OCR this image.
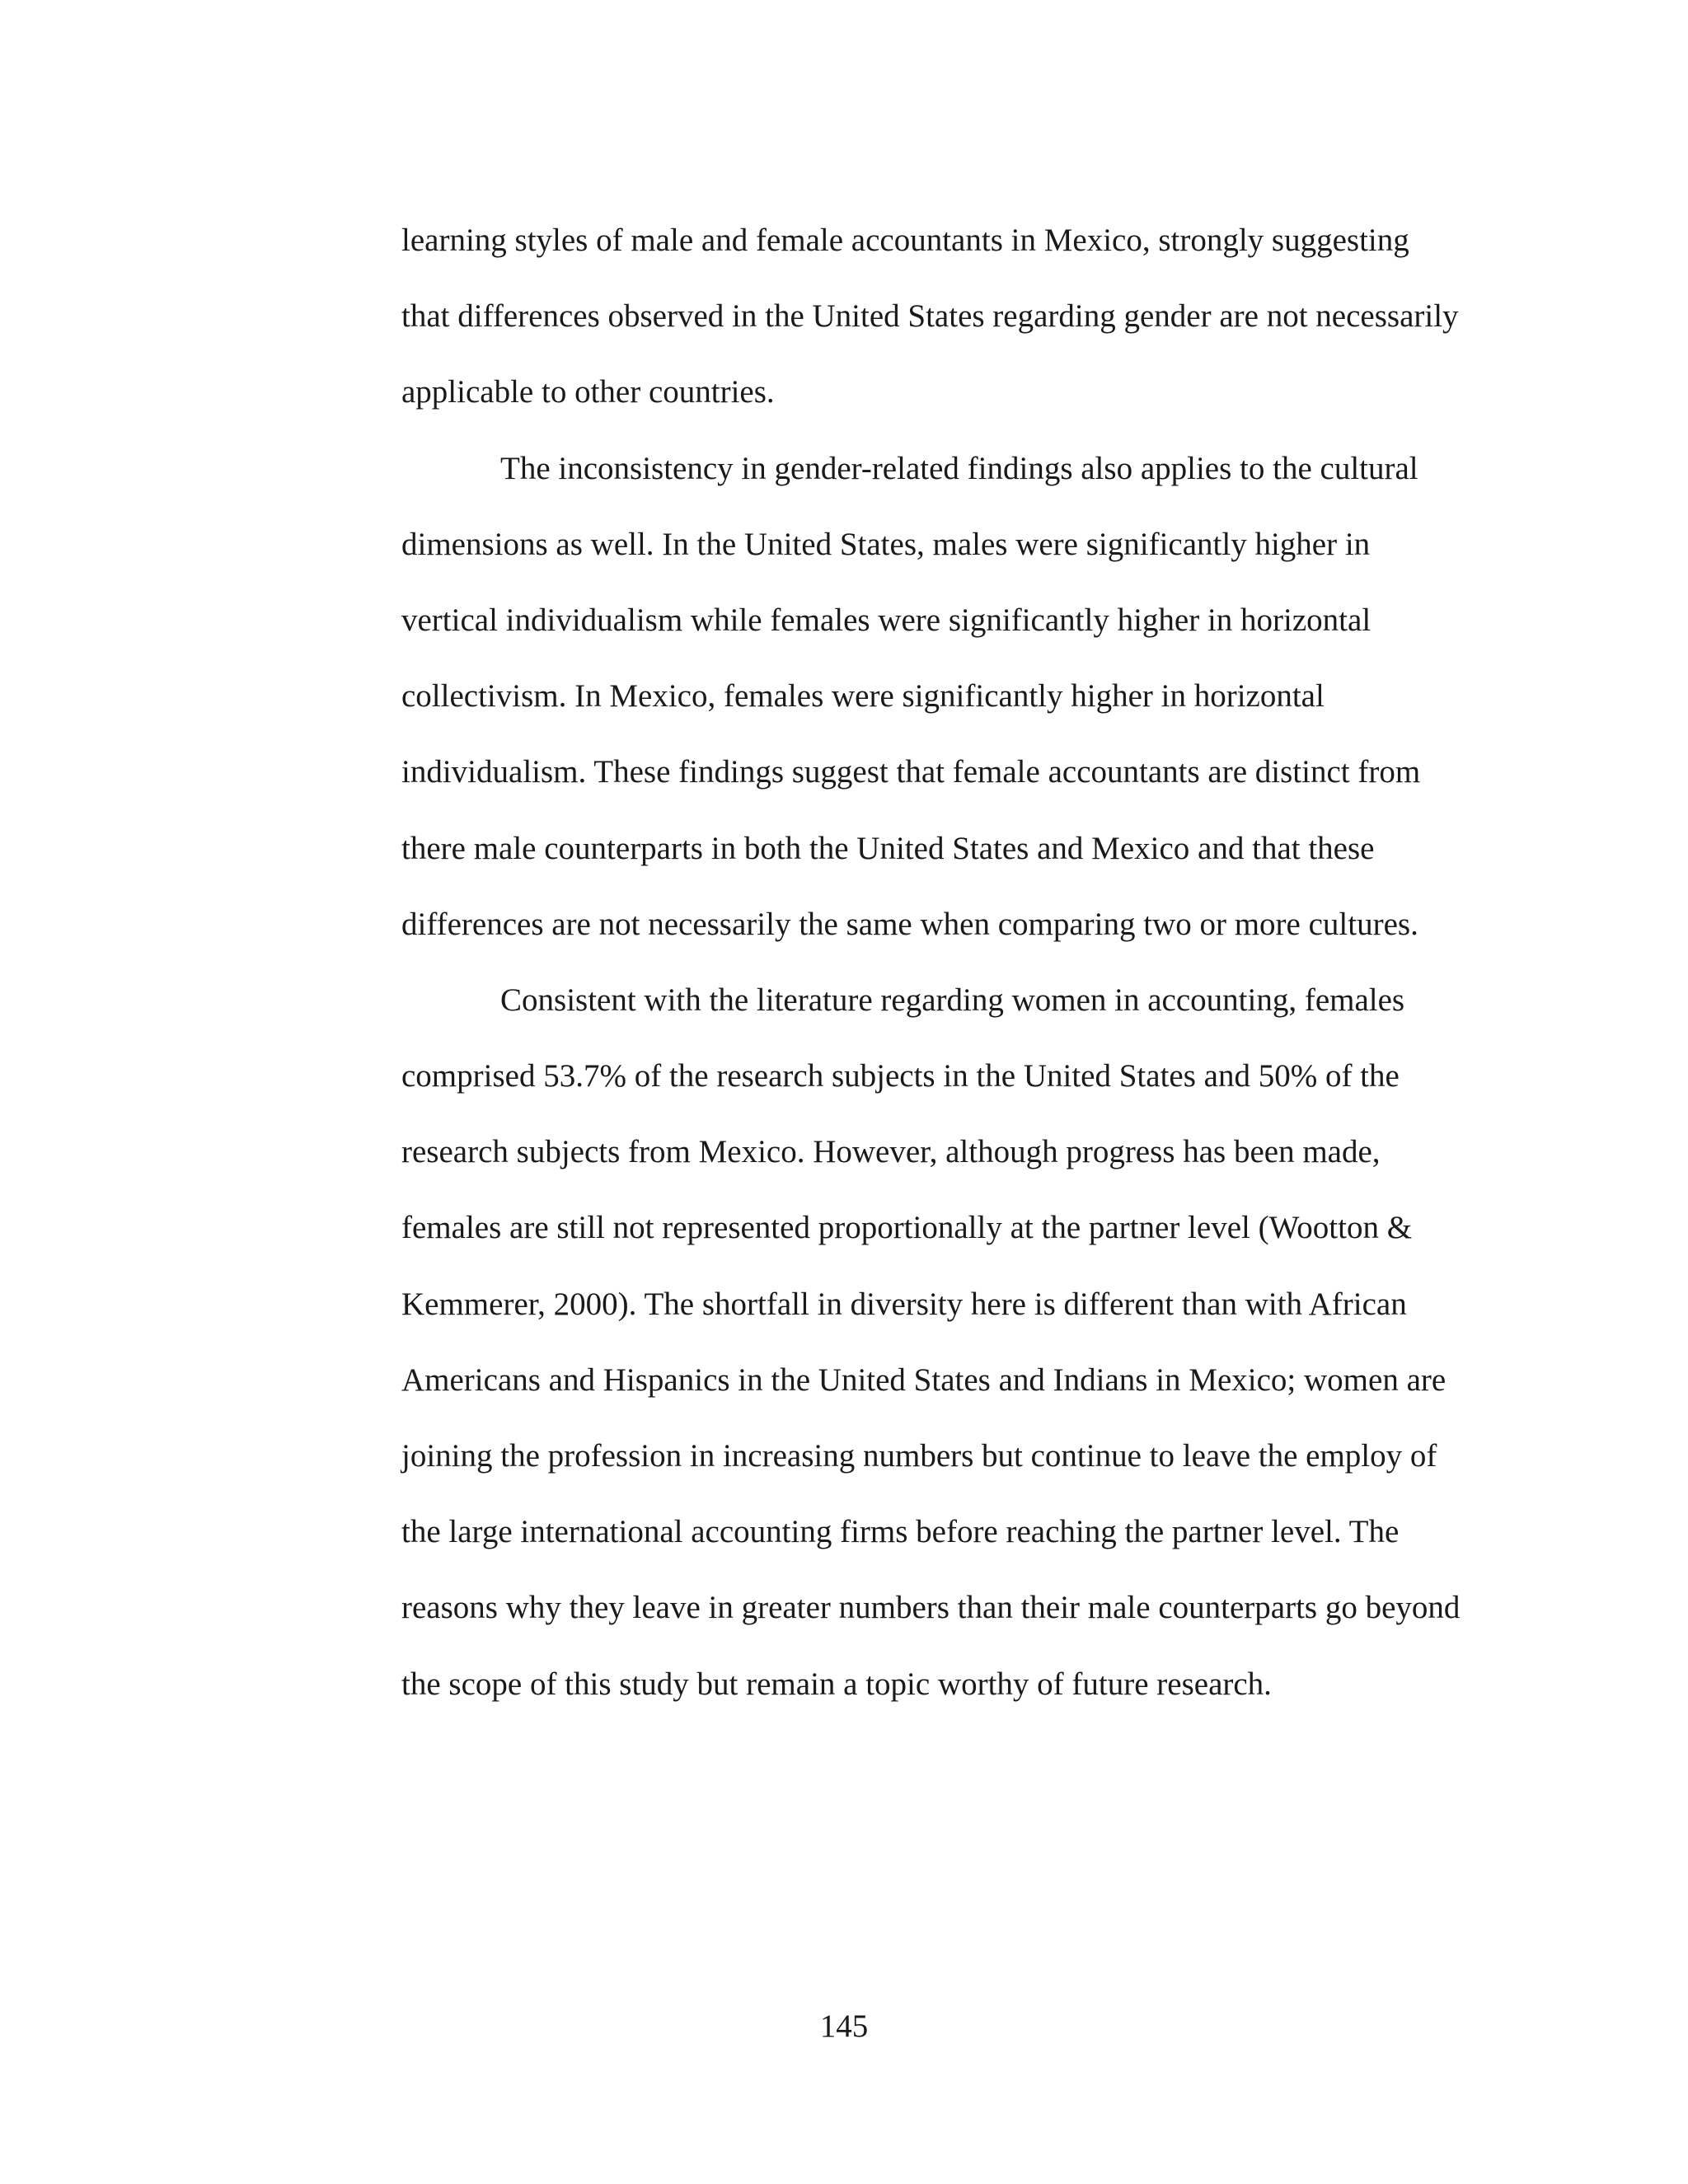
learning styles of male and female accountants in Mexico, strongly suggesting
that differences observed in the United States regarding gender are not necessarily
applicable to other countries.
The inconsistency in gender-related findings also applies to the cultural
dimensions as well. In the United States, males were significantly higher in
vertical individualism while females were significantly higher in horizontal
collectivism. In Mexico, females were significantly higher in horizontal
individualism. These findings suggest that female accountants are distinct from
there male counterparts in both the United States and Mexico and that these
differences are not necessarily the same when comparing two or more cultures.
Consistent with the literature regarding women in accounting, females
comprised 53.7% of the research subjects in the United States and 50% of the
research subjects from Mexico. However, although progress has been made,
females are still not represented proportionally at the partner level (Wootton &
Kemmerer, 2000). The shortfall in diversity here is different than with African
Americans and Hispanics in the United States and Indians in Mexico; women are
joining the profession in increasing numbers but continue to leave the employ of
the large international accounting firms before reaching the partner level. The
reasons why they leave in greater numbers than their male counterparts go beyond
the scope of this study but remain a topic worthy of future research.
145
